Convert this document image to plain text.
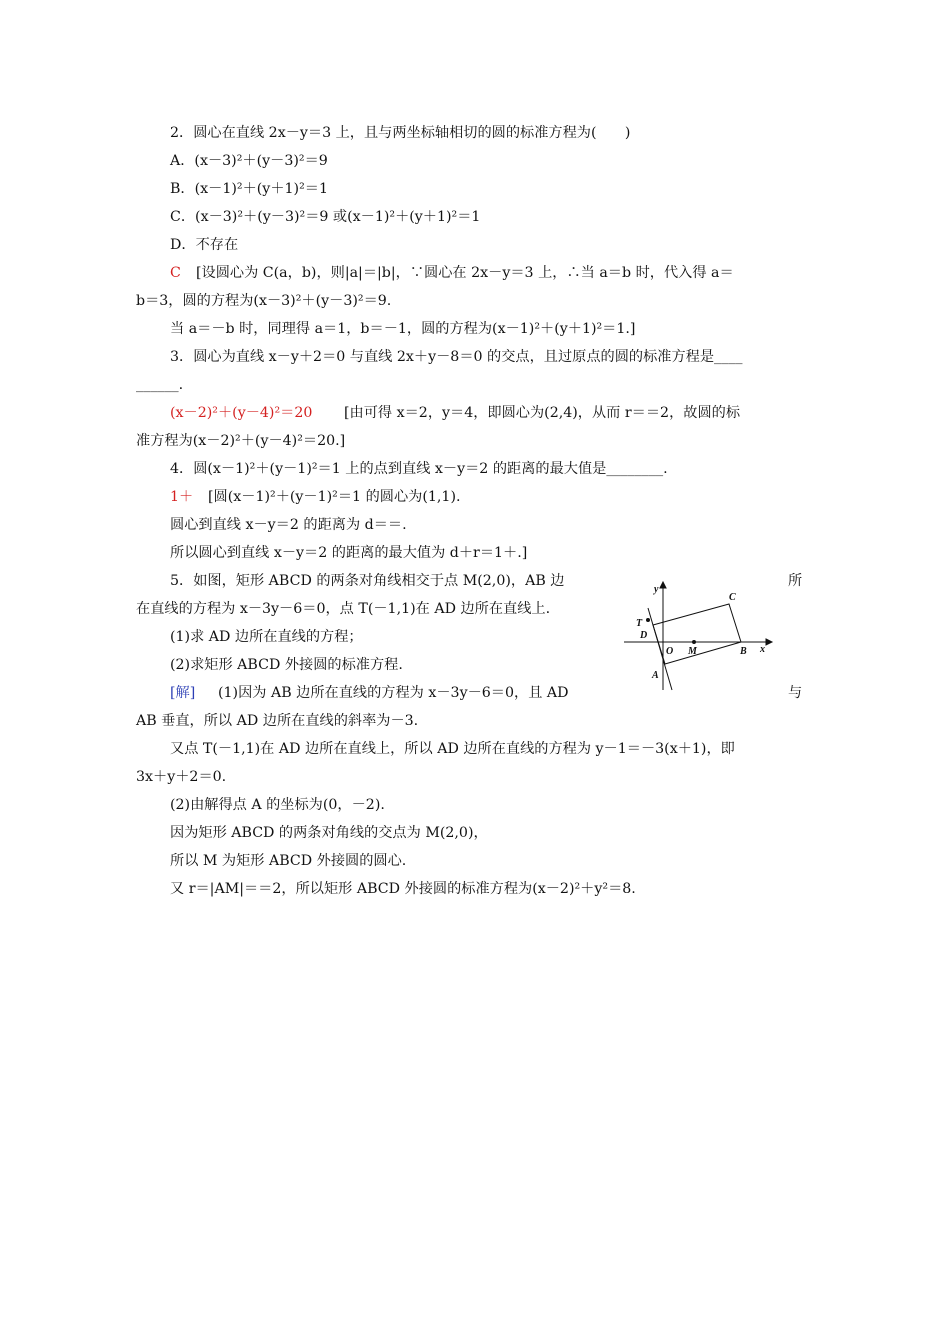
2．圆心在直线 2x－y＝3 上，且与两坐标轴相切的圆的标准方程为(　　)
A．(x－3)²＋(y－3)²＝9
B．(x－1)²＋(y＋1)²＝1
C．(x－3)²＋(y－3)²＝9 或(x－1)²＋(y＋1)²＝1
D．不存在
C [设圆心为 C(a，b)，则|a|＝|b|，∵圆心在 2x－y＝3 上，∴当 a＝b 时，代入得 a＝
b＝3，圆的方程为(x－3)²＋(y－3)²＝9.
当 a＝－b 时，同理得 a＝1，b＝－1，圆的方程为(x－1)²＋(y＋1)²＝1.]
3．圆心为直线 x－y＋2＝0 与直线 2x＋y－8＝0 的交点，且过原点的圆的标准方程是____
______.
(x－2)²＋(y－4)²＝20 [由可得 x＝2，y＝4，即圆心为(2,4)，从而 r＝＝2，故圆的标
准方程为(x－2)²＋(y－4)²＝20.]
4．圆(x－1)²＋(y－1)²＝1 上的点到直线 x－y＝2 的距离的最大值是________.
1＋ [圆(x－1)²＋(y－1)²＝1 的圆心为(1,1).
圆心到直线 x－y＝2 的距离为 d＝＝.
所以圆心到直线 x－y＝2 的距离的最大值为 d＋r＝1＋.]
5．如图，矩形 ABCD 的两条对角线相交于点 M(2,0)，AB 边	所
在直线的方程为 x－3y－6＝0，点 T(－1,1)在 AD 边所在直线上.
(1)求 AD 边所在直线的方程；
(2)求矩形 ABCD 外接圆的标准方程.
[解] (1)因为 AB 边所在直线的方程为 x－3y－6＝0，且 AD	与
AB 垂直，所以 AD 边所在直线的斜率为－3.
又点 T(－1,1)在 AD 边所在直线上，所以 AD 边所在直线的方程为 y－1＝－3(x＋1)，即
3x＋y＋2＝0.
(2)由解得点 A 的坐标为(0，－2).
因为矩形 ABCD 的两条对角线的交点为 M(2,0)，
所以 M 为矩形 ABCD 外接圆的圆心.
又 r＝|AM|＝＝2，所以矩形 ABCD 外接圆的标准方程为(x－2)²＋y²＝8.
y
x
C
T
D
O M	B
A
